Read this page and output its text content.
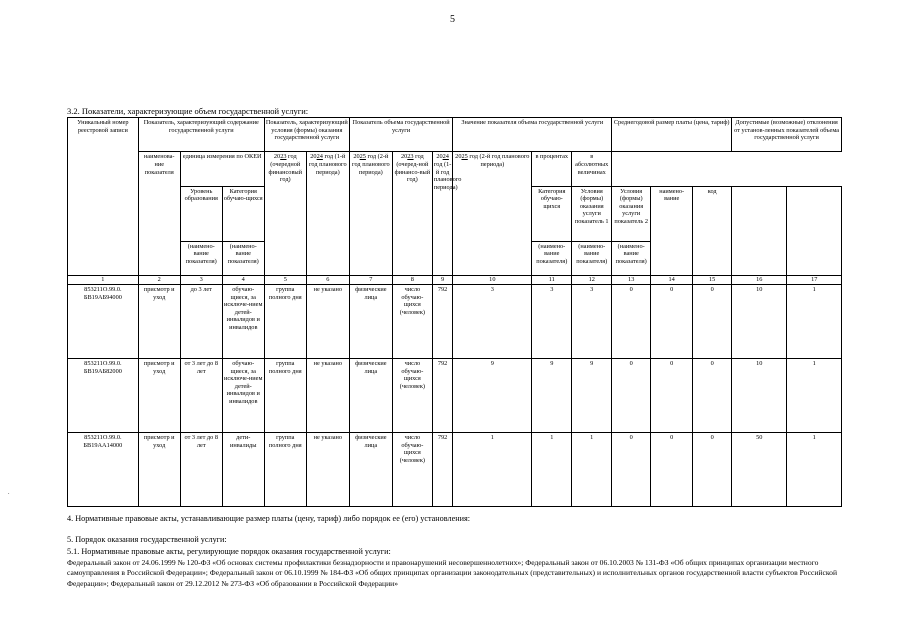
5
3.2. Показатели, характеризующие объем государственной услуги:
Уникальный номер реестровой записи	Показатель, характеризующий содержание государственной услуги			Показатель, характеризующий условия (формы) оказания государственной услуги		Показатель объема государственной услуги			Значение показателя объема государственной услуги			Среднегодовой размер платы (цена, тариф)			Допустимые (возможные) отклонения от установ-ленных показателей объема государственной услуги	
	наименова-ние показателя	единица измерения по ОКЕИ		2023 год (очередной финансовый год)	2024 год (1-й год планового периода)	2025 год (2-й год планового периода)	2023 год (очеред-ной финансо-вый год)	2024 год (1-й год планового периода)	2025 год (2-й год планового периода)	в процентах	в абсолютных величинах					
		Уровень образования	Категория обучаю-щихся							Категория обучаю-щихся	Условия (формы) оказания услуги показатель 1	Условия (формы) оказания услуги показатель 2	наимено-вание	код		
		(наимено-вание показателя)	(наимено-вание показателя)							(наимено-вание показателя)	(наимено-вание показателя)	(наимено-вание показателя)				
1	2	3	4	5	6	7	8	9	10	11	12	13	14	15	16	17
853211О.99.0. БВ19АБ94000	присмотр и уход	до 3 лет	обучаю-щиеся, за исключе-нием детей-инвалидов и инвалидов	группа полного дня	не указано	физические лица	число обучаю-щихся (человек)	792	3	3	3	0	0	0	10	1
853211О.99.0. БВ19АБ82000	присмотр и уход	от 3 лет до 8 лет	обучаю-щиеся, за исключе-нием детей-инвалидов и инвалидов	группа полного дня	не указано	физические лица	число обучаю-щихся (человек)	792	9	9	9	0	0	0	10	1
853211О.99.0. БВ19АА14000	присмотр и уход	от 3 лет до 8 лет	дети-инвалиды	группа полного дня	не указано	физические лица	число обучаю-щихся (человек)	792	1	1	1	0	0	0	50	1
.
4. Нормативные правовые акты, устанавливающие размер платы (цену, тариф) либо порядок ее (его) установления:
5. Порядок оказания государственной услуги:
5.1. Нормативные правовые акты, регулирующие порядок оказания государственной услуги:
Федеральный закон от 24.06.1999 № 120-ФЗ «Об основах системы профилактики безнадзорности и правонарушений несовершеннолетних»; Федеральный закон от 06.10.2003 № 131-ФЗ «Об общих принципах организации местного самоуправления в Российской Федерации»; Федеральный закон от 06.10.1999 № 184-ФЗ «Об общих принципах организации законодательных (представительных) и исполнительных органов государственной власти субъектов Российской Федерации»; Федеральный закон от 29.12.2012 № 273-ФЗ «Об образовании в Российской Федерации»
